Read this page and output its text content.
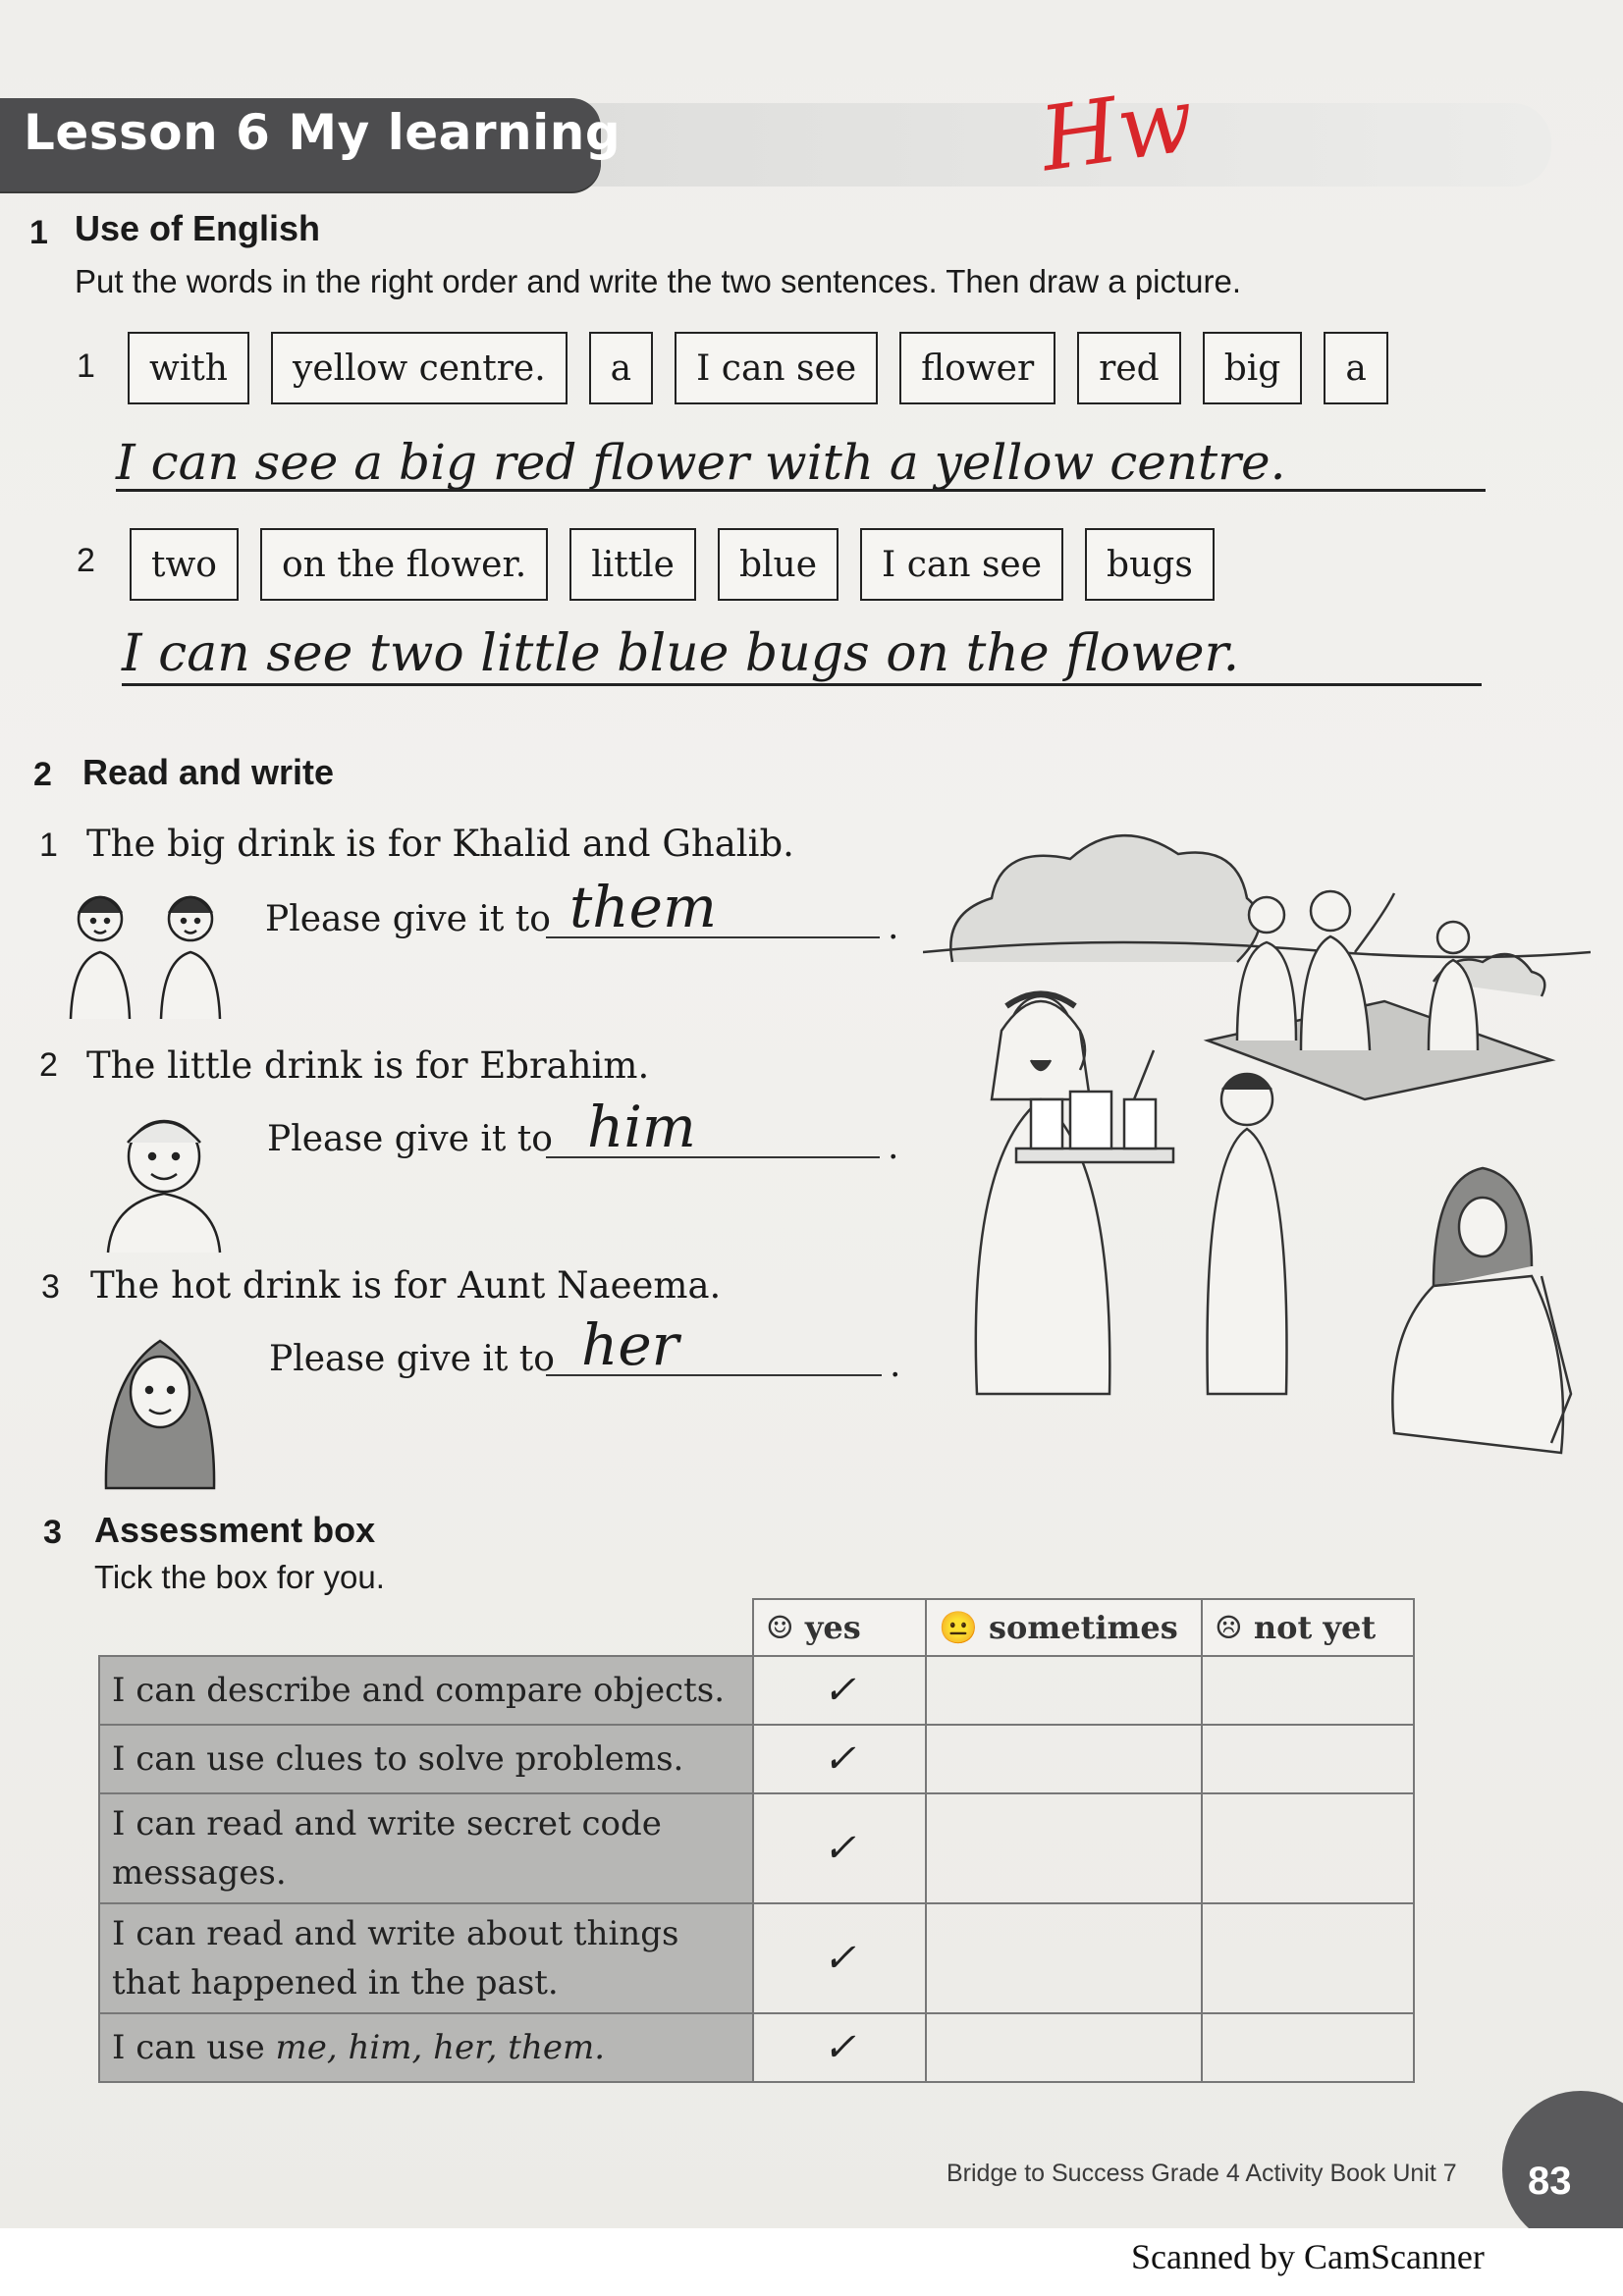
Lesson 6 My learning	Hw
1 Use of English
Put the words in the right order and write the two sentences. Then draw a picture.
1	with	yellow centre.	a	I can see	flower	red	big	a
I can see a big red flower with a yellow centre.
2	two	on the flower.	little	blue	I can see	bugs
I can see two little blue bugs on the flower.
2 Read and write
1 The big drink is for Khalid and Ghalib.
Please give it to them	.
2 The little drink is for Ebrahim.
Please give it to him	.
3 The hot drink is for Aunt Naeema.
Please give it to her	.
3 Assessment box
Tick the box for you.
	☺ yes	😐 sometimes	☹ not yet
I can describe and compare objects.	✓		
I can use clues to solve problems.	✓		
I can read and write secret code messages.	✓		
I can read and write about things that happened in the past.	✓		
I can use me, him, her, them.	✓		
Bridge to Success Grade 4 Activity Book Unit 7 83
Scanned by CamScanner
